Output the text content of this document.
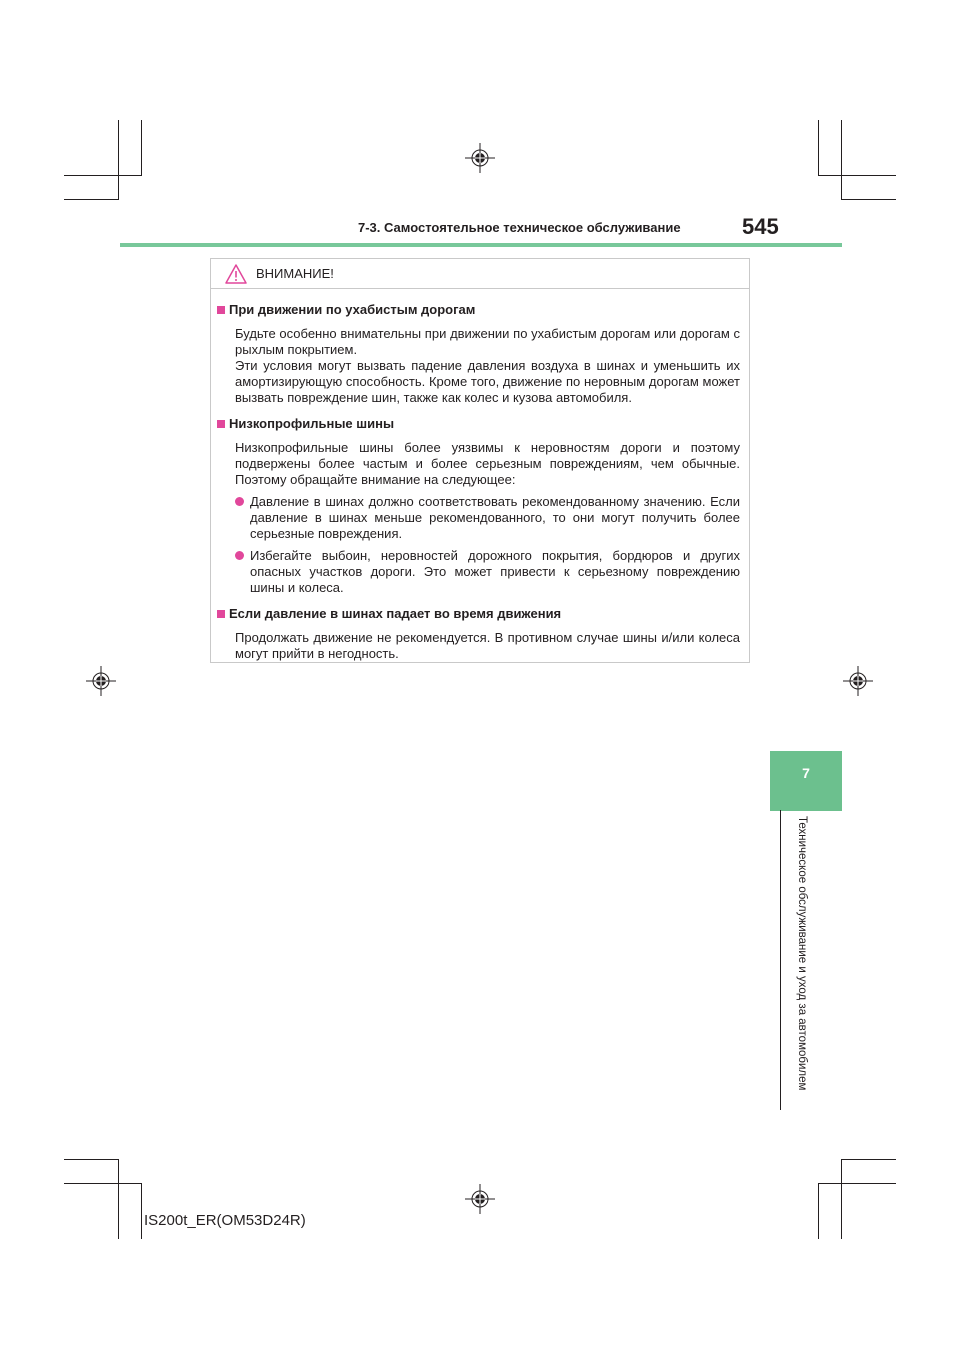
7-3. Самостоятельное техническое обслуживание	545
ВНИМАНИЕ!
При движении по ухабистым дорогам

Будьте особенно внимательны при движении по ухабистым дорогам или дорогам с рыхлым покрытием.

Эти условия могут вызвать падение давления воздуха в шинах и уменьшить их амортизирующую способность. Кроме того, движение по неровным дорогам может вызвать повреждение шин, также как колес и кузова автомобиля.

Низкопрофильные шины

Низкопрофильные шины более уязвимы к неровностям дороги и поэтому подвержены более частым и более серьезным повреждениям, чем обычные. Поэтому обращайте внимание на следующее:

Давление в шинах должно соответствовать рекомендованному значению. Если давление в шинах меньше рекомендованного, то они могут получить более серьезные повреждения.
Избегайте выбоин, неровностей дорожного покрытия, бордюров и других опасных участков дороги. Это может привести к серьезному повреждению шины и колеса.
Если давление в шинах падает во время движения

Продолжать движение не рекомендуется. В противном случае шины и/или колеса могут прийти в негодность.

7
Техническое обслуживание и уход за автомобилем
IS200t_ER(OM53D24R)
